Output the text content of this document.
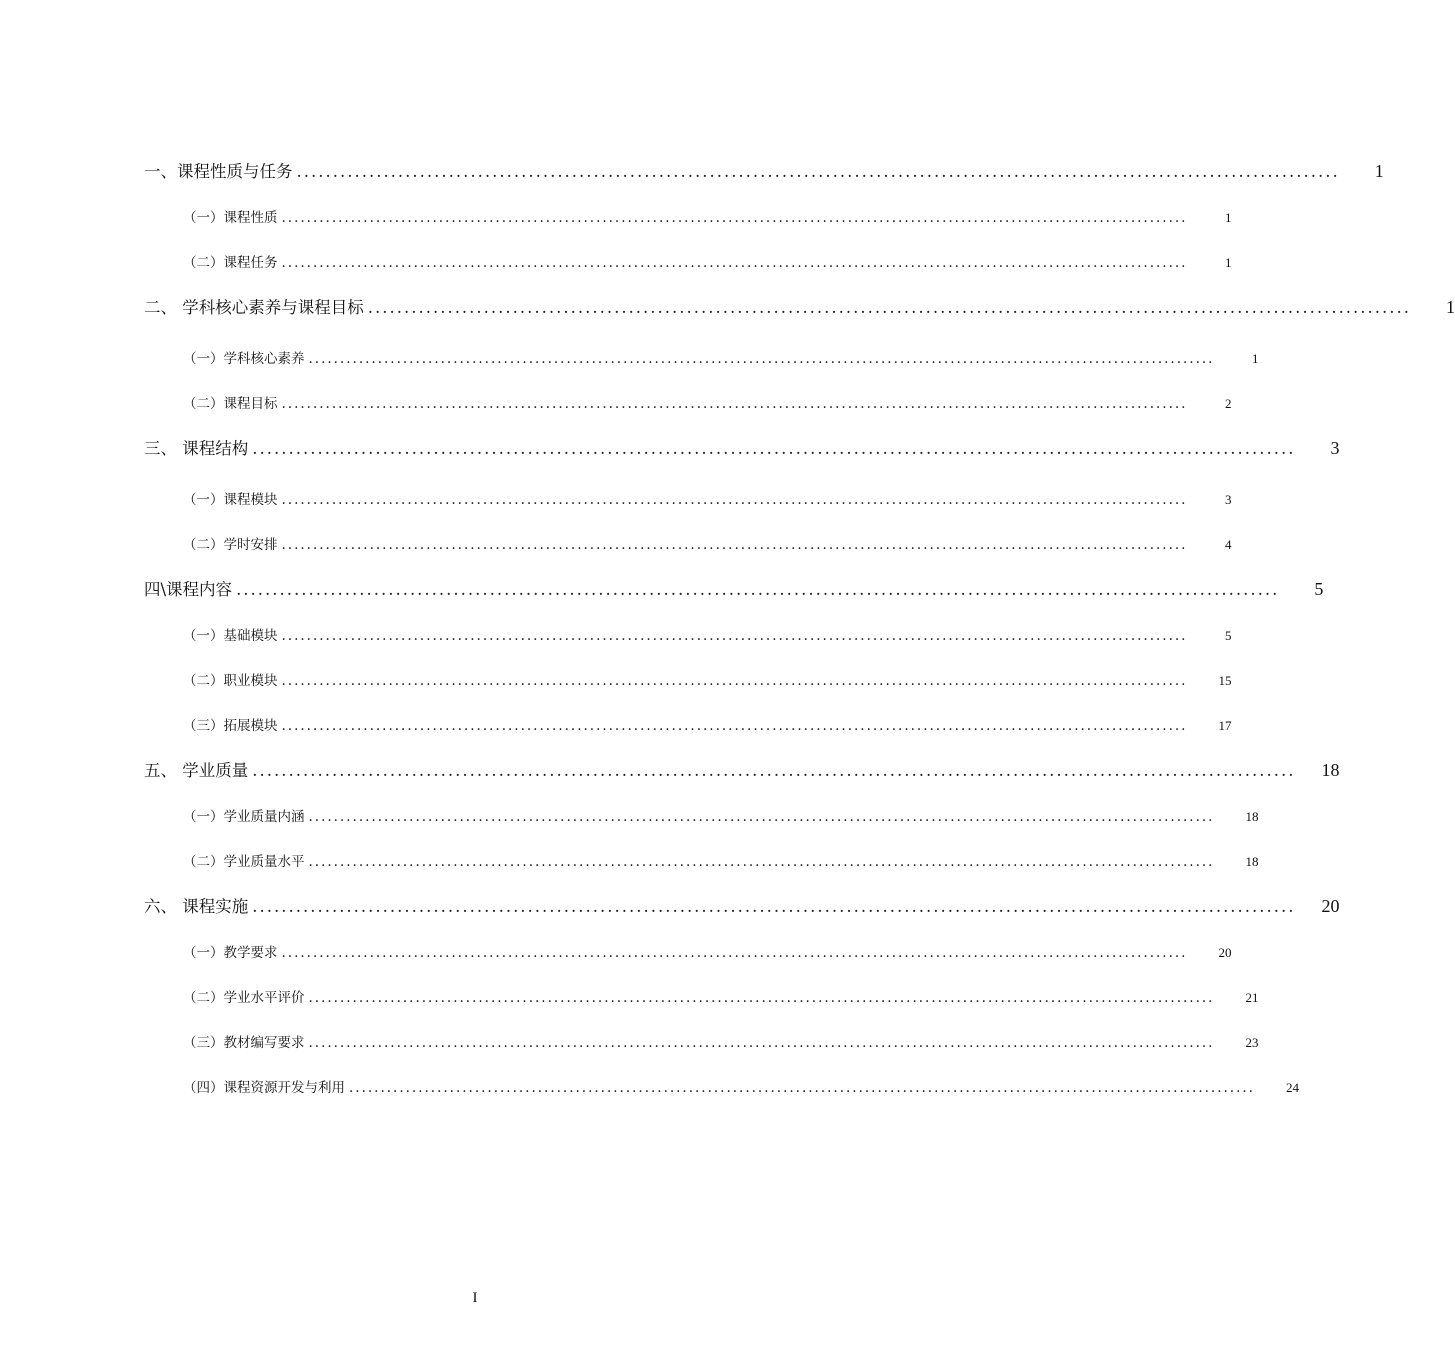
一、课程性质与任务 ................................................................................................................................................	1
（一）课程性质 ................................................................................................................................................	1
（二）课程任务 ................................................................................................................................................	1
二、 学科核心素养与课程目标 ................................................................................................................................................	1
（一）学科核心素养 ................................................................................................................................................	1
（二）课程目标 ................................................................................................................................................	2
三、 课程结构 ................................................................................................................................................	3
（一）课程模块 ................................................................................................................................................	3
（二）学时安排 ................................................................................................................................................	4
四\课程内容 ................................................................................................................................................	5
（一）基础模块 ................................................................................................................................................	5
（二）职业模块 ................................................................................................................................................	15
（三）拓展模块 ................................................................................................................................................	17
五、 学业质量 ................................................................................................................................................	18
（一）学业质量内涵 ................................................................................................................................................	18
（二）学业质量水平 ................................................................................................................................................	18
六、 课程实施 ................................................................................................................................................	20
（一）教学要求 ................................................................................................................................................	20
（二）学业水平评价 ................................................................................................................................................	21
（三）教材编写要求 ................................................................................................................................................	23
（四）课程资源开发与利用 ................................................................................................................................................	24
I
